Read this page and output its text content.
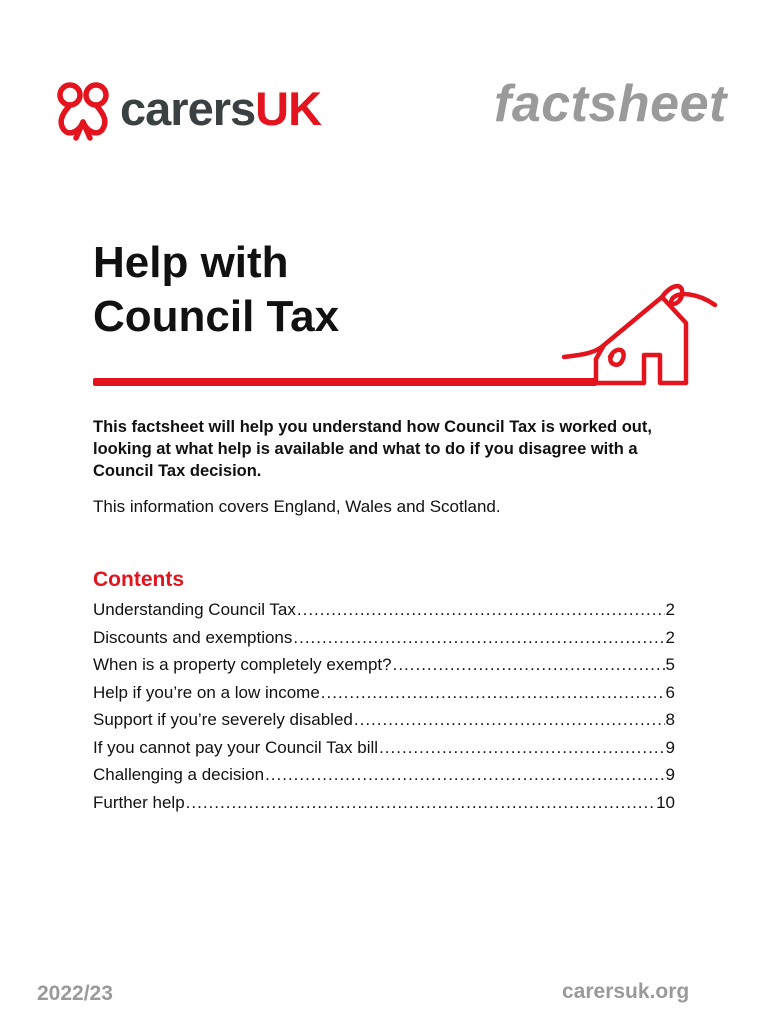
carersUK	factsheet
Help with
Council Tax

This factsheet will help you understand how Council Tax is worked out, looking at what help is available and what to do if you disagree with a Council Tax decision.

This information covers England, Wales and Scotland.

Contents
Understanding Council Tax .....	2
Discounts and exemptions .....	2
When is a property completely exempt? .....	5
Help if you’re on a low income .....	6
Support if you’re severely disabled .....	8
If you cannot pay your Council Tax bill .....	9
Challenging a decision .....	9
Further help .....	10
2022/23	carersuk.org
